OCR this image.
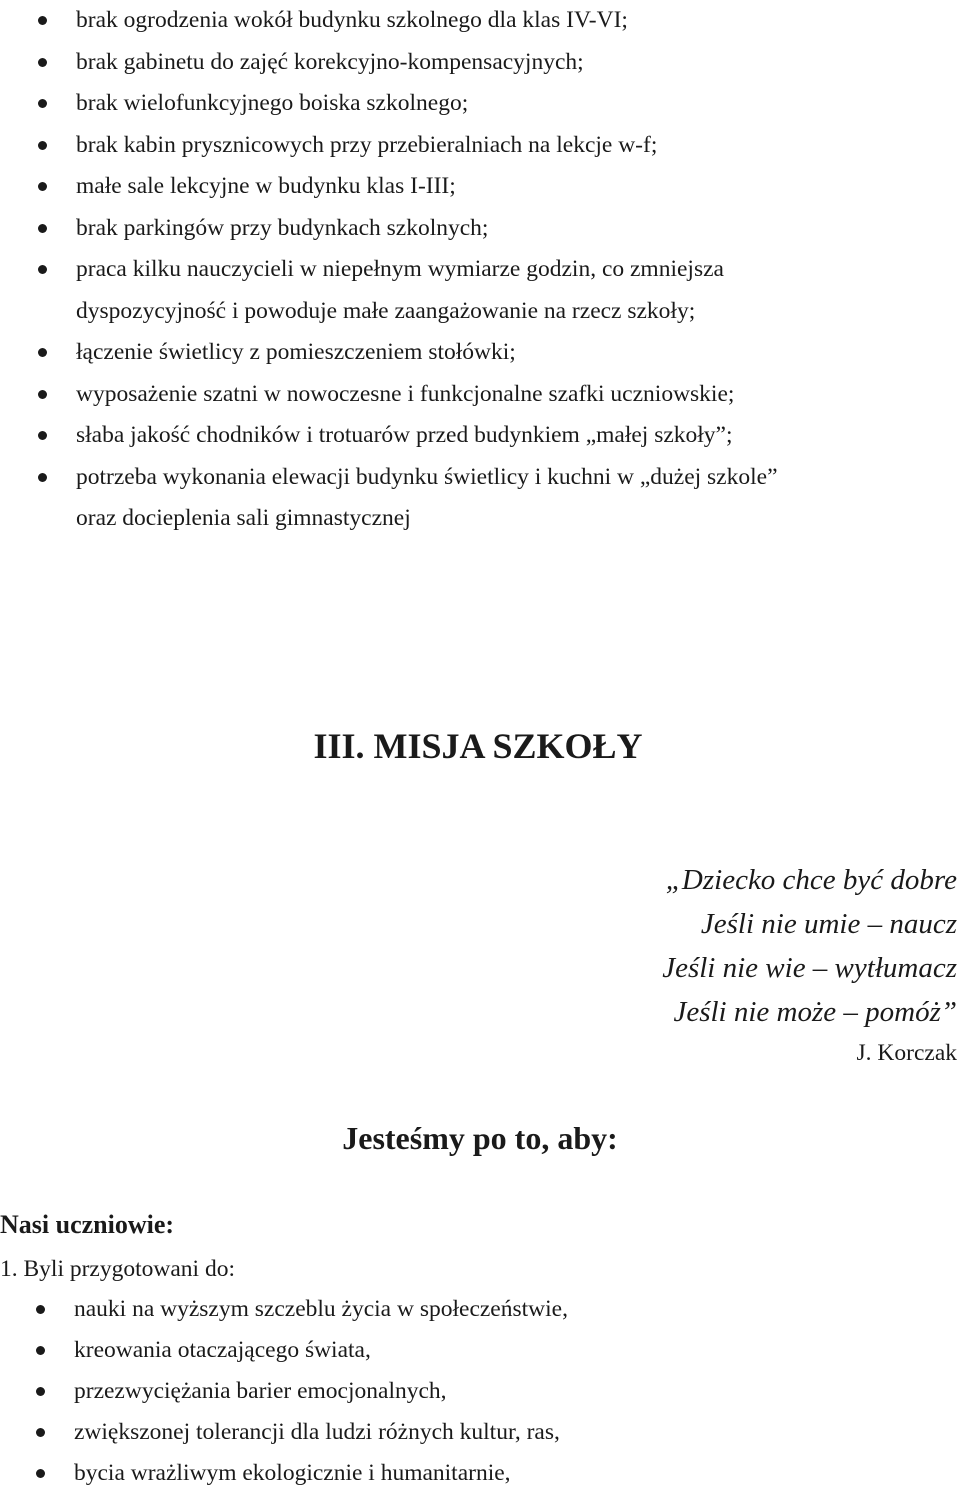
brak ogrodzenia wokół budynku szkolnego dla klas IV-VI;
brak gabinetu do zajęć korekcyjno-kompensacyjnych;
brak wielofunkcyjnego boiska szkolnego;
brak kabin prysznicowych przy przebieralniach na lekcje w-f;
małe sale lekcyjne w budynku klas I-III;
brak parkingów przy budynkach szkolnych;
praca kilku nauczycieli w niepełnym wymiarze godzin, co zmniejsza
dyspozycyjność i powoduje małe zaangażowanie na rzecz szkoły;
łączenie świetlicy z pomieszczeniem stołówki;
wyposażenie szatni w nowoczesne i funkcjonalne szafki uczniowskie;
słaba jakość chodników i trotuarów przed budynkiem „małej szkoły”;
potrzeba wykonania elewacji budynku świetlicy i kuchni w „dużej szkole”
oraz docieplenia sali gimnastycznej
III. MISJA SZKOŁY
„Dziecko chce być dobre
Jeśli nie umie – naucz
Jeśli nie wie – wytłumacz
Jeśli nie może – pomóż”
J. Korczak
Jesteśmy po to, aby:
Nasi uczniowie:

1. Byli przygotowani do:

nauki na wyższym szczeblu życia w społeczeństwie,
kreowania otaczającego świata,
przezwyciężania barier emocjonalnych,
zwiększonej tolerancji dla ludzi różnych kultur, ras,
bycia wrażliwym ekologicznie i humanitarnie,
